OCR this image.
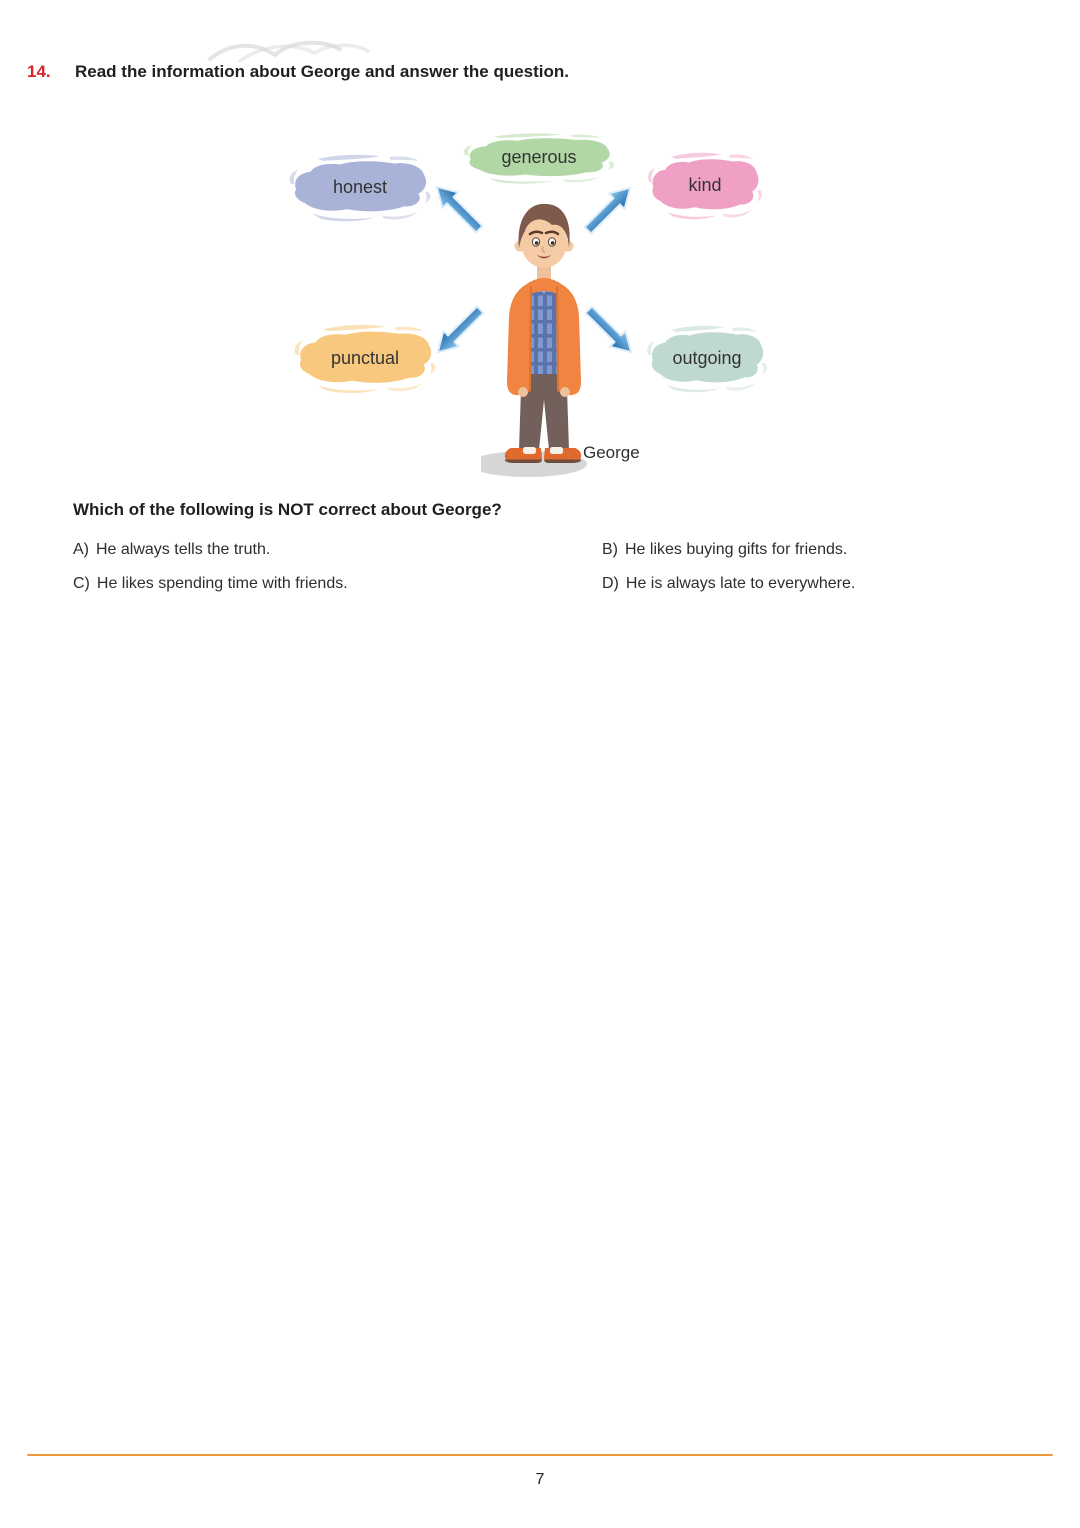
14. Read the information about George and answer the question.
honest
generous
kind
punctual	outgoing
George
Which of the following is NOT correct about George?
A) He always tells the truth.	B) He likes buying gifts for friends.
C) He likes spending time with friends.	D) He is always late to everywhere.
7
